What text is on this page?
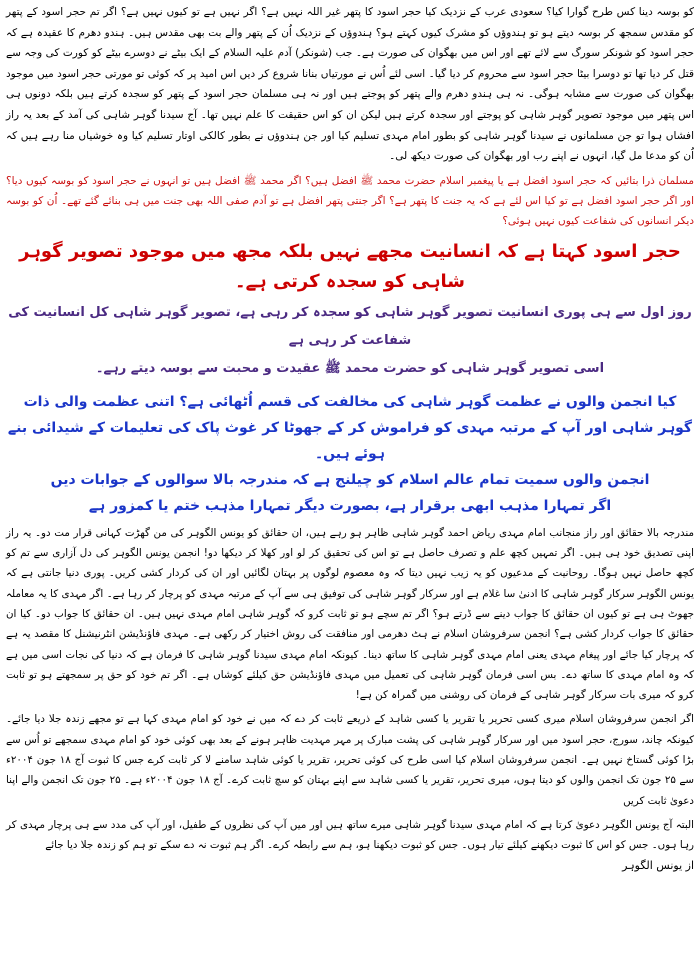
کو بوسہ دینا کس طرح گوارا کیا؟ سعودی عرب کے نزدیک کیا حجر اسود کا پتھر غیر اللہ نہیں ہے؟ اگر نہیں ہے تو کیوں نہیں ہے؟ اگر تم حجر اسود کے پتھر کو مقدس سمجھ کر بوسہ دیتے ہو تو ہندوؤں کو مشرک کیوں کہتے ہو؟ ہندوؤں کے نزدیک اُن کے پتھر والے بت بھی مقدس ہیں۔ ہندو دھرم کا عقیدہ ہے کہ حجر اسود کو شونکر سورگ سے لائے تھے اور اس میں بھگوان کی صورت ہے۔ جب (شونکر) آدم علیہ السلام کے ایک بیٹے نے دوسرے بیٹے کو کورت کی وجہ سے قتل کر دیا تھا تو دوسرا بیٹا حجر اسود سے محروم کر دیا گیا۔ اسی لئے اُس نے مورتیاں بنانا شروع کر دیں اس امید پر کہ کوئی تو مورتی حجر اسود میں موجود بھگوان کی صورت سے مشابہ ہوگی۔ نہ ہی ہندو دھرم والے پتھر کو پوجتے ہیں اور نہ ہی مسلمان حجر اسود کے پتھر کو سجدہ کرتے ہیں بلکہ دونوں ہی اس پتھر میں موجود تصویر گوہر شاہی کو پوجتے اور سجدہ کرتے ہیں لیکن ان کو اس حقیقت کا علم نہیں تھا۔ آج سیدنا گوہر شاہی کی آمد کے بعد یہ راز افشاں ہوا تو جن مسلمانوں نے سیدنا گوہر شاہی کو بطور امام مہدی تسلیم کیا اور جن ہندوؤں نے بطور کالکی اوتار تسلیم کیا وہ خوشیاں منا رہے ہیں کہ اُن کو مدعا مل گیا، انہوں نے اپنے رب اور بھگوان کی صورت دیکھ لی۔

مسلمان ذرا بتائیں کہ حجر اسود افضل ہے یا پیغمبر اسلام حضرت محمد ﷺ افضل ہیں؟ اگر محمد ﷺ افضل ہیں تو انہوں نے حجر اسود کو بوسہ کیوں دیا؟ اور اگر حجر اسود افضل ہے تو کیا اس لئے ہے کہ یہ جنت کا پتھر ہے؟ اگر جنتی پتھر افضل ہے تو آدم صفی اللہ بھی جنت میں ہی بنائے گئے تھے۔ اُن کو بوسہ دیکر انسانوں کی شفاعت کیوں نہیں ہوئی؟

حجر اسود کہتا ہے کہ انسانیت مجھے نہیں بلکہ مجھ میں موجود تصویر گوہر شاہی کو سجدہ کرتی ہے۔

روز اول سے ہی پوری انسانیت تصویر گوہر شاہی کو سجدہ کر رہی ہے، تصویر گوہر شاہی کل انسانیت کی شفاعت کر رہی ہے

اسی تصویر گوہر شاہی کو حضرت محمد ﷺ عقیدت و محبت سے بوسہ دیتے رہے۔

کیا انجمن والوں نے عظمت گوہر شاہی کی مخالفت کی قسم اُٹھائی ہے؟ اتنی عظمت والی ذات گوہر شاہی اور آپ کے مرتبہ مہدی کو فراموش کر کے جھوٹا کر غوث پاک کی تعلیمات کے شیدائی بنے ہوئے ہیں۔

انجمن والوں سمیت تمام عالم اسلام کو چیلنج ہے کہ مندرجہ بالا سوالوں کے جوابات دیں

اگر تمہارا مذہب ابھی برقرار ہے، بصورت دیگر تمہارا مذہب ختم یا کمزور ہے

مندرجہ بالا حقائق اور راز منجانب امام مہدی ریاض احمد گوہر شاہی ظاہر ہو رہے ہیں، ان حقائق کو یونس الگوہر کی من گھڑت کہانی قرار مت دو۔ یہ راز اپنی تصدیق خود ہی ہیں۔ اگر تمہیں کچھ علم و تصرف حاصل ہے تو اس کی تحقیق کر لو اور کھلا کر دیکھا دو! انجمن یونس الگوہر کی دل آزاری سے تم کو کچھ حاصل نہیں ہوگا۔ روحانیت کے مدعیوں کو یہ زیب نہیں دیتا کہ وہ معصوم لوگوں پر بہتان لگائیں اور ان کی کردار کشی کریں۔ پوری دنیا جانتی ہے کہ یونس الگوہر سرکار گوہر شاہی کا ادنیٰ سا غلام ہے اور سرکار گوہر شاہی کی توفیق ہی سے آپ کے مرتبہ مہدی کو پرچار کر رہا ہے۔ اگر مہدی کا یہ معاملہ جھوٹ ہی ہے تو کیوں ان حقائق کا جواب دینے سے ڈرتے ہو؟ اگر تم سچے ہو تو ثابت کرو کہ گوہر شاہی امام مہدی نہیں ہیں۔ ان حقائق کا جواب دو۔ کیا ان حقائق کا جواب کردار کشی ہے؟ انجمن سرفروشان اسلام نے ہٹ دھرمی اور منافقت کی روش اختیار کر رکھی ہے۔ مہدی فاؤنڈیشن انٹرنیشنل کا مقصد یہ ہے کہ پرچار کیا جائے اور پیغام مہدی یعنی امام مہدی گوہر شاہی کا ساتھ دینا۔ کیونکہ امام مہدی سیدنا گوہر شاہی کا فرمان ہے کہ دنیا کی نجات اسی میں ہے کہ وہ امام مہدی کا ساتھ دے۔ بس اسی فرمان گوہر شاہی کی تعمیل میں مہدی فاؤنڈیشن حق کیلئے کوشاں ہے۔ اگر تم خود کو حق پر سمجھتے ہو تو ثابت کرو کہ میری بات سرکار گوہر شاہی کے فرمان کی روشنی میں گمراہ کن ہے!

اگر انجمن سرفروشان اسلام میری کسی تحریر یا تقریر یا کسی شاہد کے ذریعے ثابت کر دے کہ میں نے خود کو امام مہدی کہا ہے تو مجھے زندہ جلا دیا جائے۔ کیونکہ چاند، سورج، حجر اسود میں اور سرکار گوہر شاہی کی پشت مبارک پر مہر مہدیت ظاہر ہونے کے بعد بھی کوئی خود کو امام مہدی سمجھے تو اُس سے بڑا کوئی گستاخ نہیں ہے۔ انجمن سرفروشان اسلام کیا اسی طرح کی کوئی تحریر، تقریر یا کوئی شاہد سامنے لا کر ثابت کرے جس کا ثبوت آج ۱۸ جون ۲۰۰۴ء سے ۲۵ جون تک انجمن والوں کو دیتا ہوں، میری تحریر، تقریر یا کسی شاہد سے اپنے بہتان کو سچ ثابت کرے۔ آج ۱۸ جون ۲۰۰۴ء ہے۔ ۲۵ جون تک انجمن والے اپنا دعویٰ ثابت کریں

البتہ آج یونس الگوہر دعویٰ کرتا ہے کہ امام مہدی سیدنا گوہر شاہی میرے ساتھ ہیں اور میں آپ کی نظروں کے طفیل، اور آپ کی مدد سے ہی پرچار مہدی کر رہا ہوں۔ جس کو اس کا ثبوت دیکھنے کیلئے تیار ہوں۔ جس کو ثبوت دیکھنا ہو، ہم سے رابطہ کرے۔ اگر ہم ثبوت نہ دے سکے تو ہم کو زندہ جلا دیا جائے

از یونس الگوہر
